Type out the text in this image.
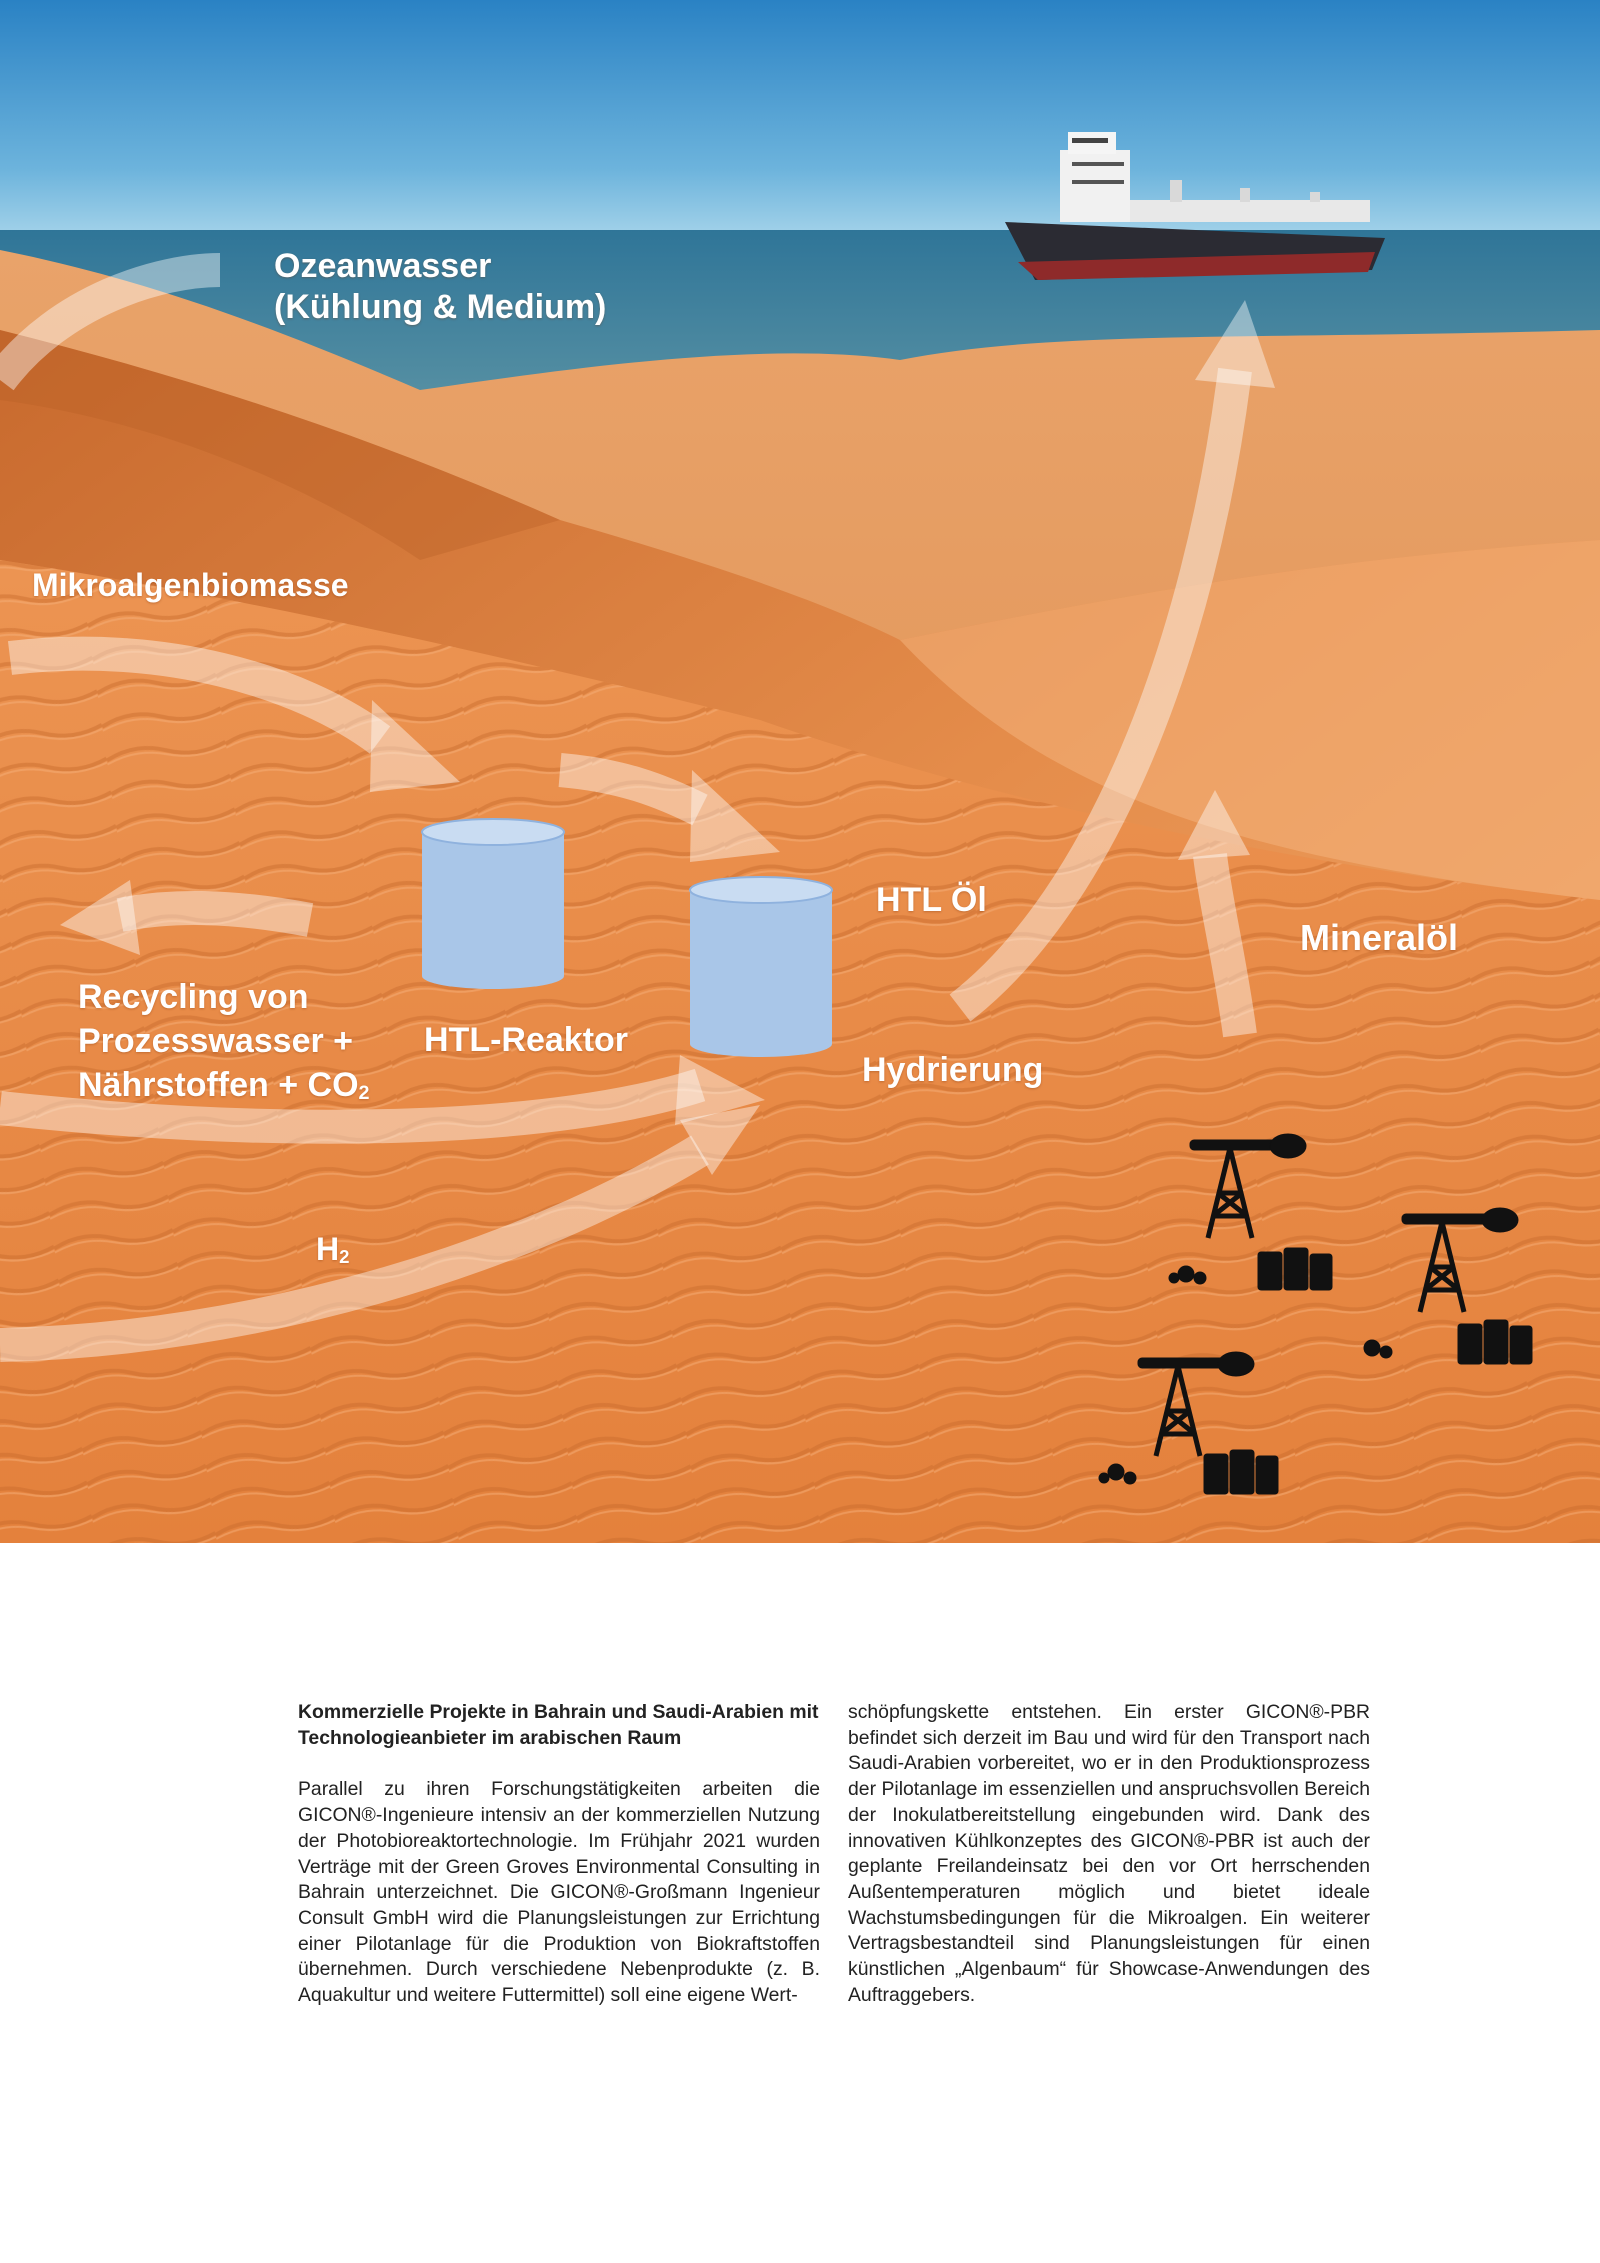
Ozeanwasser
(Kühlung & Medium)
Mikroalgenbiomasse
Recycling von
Prozesswasser +
Nährstoffen + $CO_2$
HTL-Reaktor
HTL Öl
Hydrierung
Mineralöl
$H_2$
Kommerzielle Projekte in Bahrain und Saudi-Arabien mit Technologieanbieter im arabischen Raum

Parallel zu ihren Forschungstätigkeiten arbeiten die GICON®-Ingenieure intensiv an der kommerziellen Nutzung der Photobioreaktortechnologie. Im Frühjahr 2021 wurden Verträge mit der Green Groves Environmental Consulting in Bahrain unterzeichnet. Die GICON®-Großmann Ingenieur Consult GmbH wird die Planungsleistungen zur Errichtung einer Pilotanlage für die Produktion von Biokraftstoffen übernehmen. Durch verschiedene Nebenprodukte (z. B. Aquakultur und weitere Futtermittel) soll eine eigene Wert-

schöpfungskette entstehen. Ein erster GICON®-PBR befindet sich derzeit im Bau und wird für den Transport nach Saudi-Arabien vorbereitet, wo er in den Produktionsprozess der Pilotanlage im essenziellen und anspruchsvollen Bereich der Inokulatbereitstellung eingebunden wird. Dank des innovativen Kühlkonzeptes des GICON®-PBR ist auch der geplante Freilandeinsatz bei den vor Ort herrschenden Außentemperaturen möglich und bietet ideale Wachstumsbedingungen für die Mikroalgen. Ein weiterer Vertragsbestandteil sind Planungsleistungen für einen künstlichen „Algenbaum“ für Showcase-Anwendungen des Auftraggebers.
